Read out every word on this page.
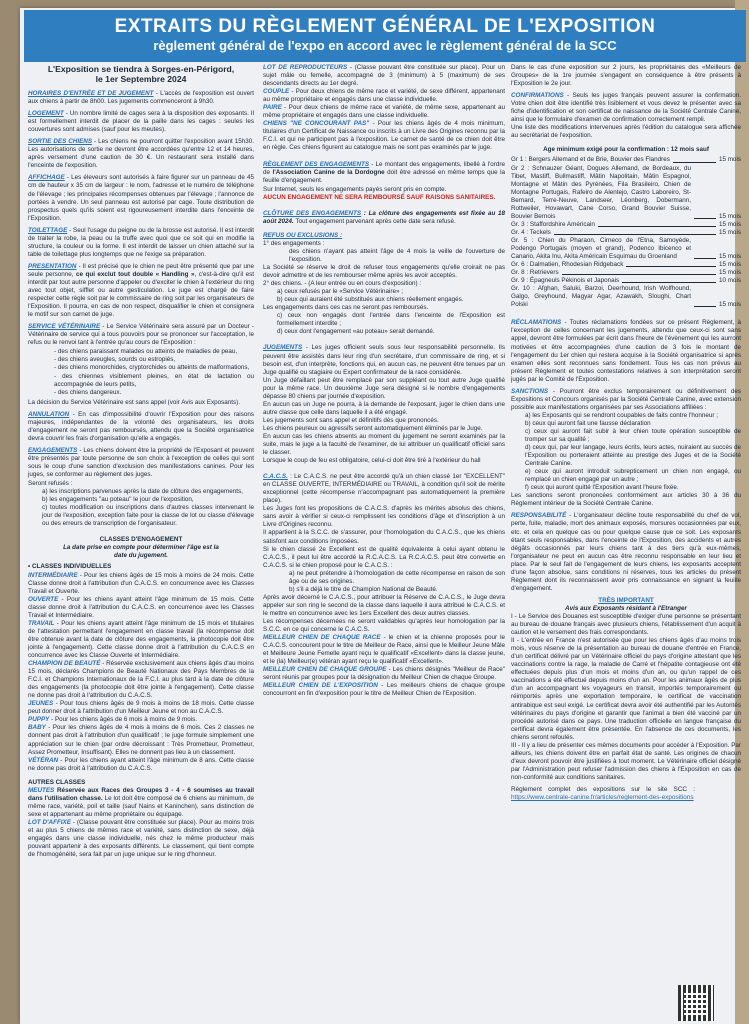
EXTRAITS DU RÈGLEMENT GÉNÉRAL DE L'EXPOSITION
règlement général de l'expo en accord avec le règlement général de la SCC
L'Exposition se tiendra à Sorges-en-Périgord,
le 1er Septembre 2024

HORAIRES D'ENTRÉE ET DE JUGEMENT - L'accès de l'exposition est ouvert aux chiens à partir de 8h00. Les jugements commenceront à 9h30.

LOGEMENT - Un nombre limité de cages sera à la disposition des exposants. Il est formellement interdit de placer de la paille dans les cages : seules les couvertures sont admises (sauf pour les meutes).

SORTIE DES CHIENS - Les chiens ne pourront quitter l'exposition avant 15h30. Les autorisations de sortie ne devront être accordées qu'entre 12 et 14 heures, après versement d'une caution de 30 €. Un restaurant sera installé dans l'enceinte de l'exposition.

AFFICHAGE - Les éleveurs sont autorisés à faire figurer sur un panneau de 45 cm de hauteur x 35 cm de largeur : le nom, l'adresse et le numéro de téléphone de l'élevage ; les principales récompenses obtenues par l'élevage ; l'annonce de portées à vendre. Un seul panneau est autorisé par cage. Toute distribution de prospectus quels qu'ils soient est rigoureusement interdite dans l'enceinte de l'Exposition.

TOILETTAGE - Seul l'usage du peigne ou de la brosse est autorisé. Il est interdit de traiter la robe, la peau ou la truffe avec quoi que ce soit qui en modifie la structure, la couleur ou la forme. Il est interdit de laisser un chien attaché sur la table de toilettage plus longtemps que ne l'exige sa préparation.

PRESENTATION - Il est précisé que le chien ne peut être présenté que par une seule personne, ce qui exclut tout double « Handling », c'est-à-dire qu'il est interdit par tout autre personne d'appeler ou d'exciter le chien à l'extérieur du ring avec tout objet, sifflet ou autre gesticulation. Le juge est chargé de faire respecter cette règle soit par le commissaire de ring soit par les organisateurs de l'Exposition. Il pourra, en cas de non respect, disqualifier le chien et consignera le motif sur son carnet de juge.

SERVICE VÉTÉRINAIRE - Le Service Vétérinaire sera assuré par un Docteur - Vétérinaire de service qui a tous pouvoirs pour se prononcer sur l'acceptation, le refus ou le renvoi tant à l'entrée qu'au cours de l'Exposition :

- des chiens paraissant malades ou atteints de maladies de peau,
- des chiens aveugles, sourds ou estropiés,
- des chiens monorchides, cryptorchides ou atteints de malformations,
- des chiennes visiblement pleines, en état de lactation ou accompagnée de leurs petits,
- des chiens dangereux.

La décision du Service Vétérinaire est sans appel (voir Avis aux Exposants).

ANNULATION - En cas d'impossibilité d'ouvrir l'Exposition pour des raisons majeures, indépendantes de la volonté des organisateurs, les droits d'engagement ne seront pas remboursés, attendu que la Société organisatrice devra couvrir les frais d'organisation qu'elle a engagés.

ENGAGEMENTS - Les chiens doivent être la propriété de l'Exposant et peuvent être présentés par toute personne de son choix à l'exception de celles qui sont sous le coup d'une sanction d'exclusion des manifestations canines. Pour les juges, se conformer au règlement des juges.

Seront refusés :
a) les inscriptions parvenues après la date de clôture des engagements,
b) les engagements "au poteau" le jour de l'exposition,

c) toutes modification ou inscriptions dans d'autres classes intervenant le jour de l'exposition, exception faite pour la classe de lot ou classe d'élevage ou des erreurs de transcription de l'organisateur.

CLASSES D'ENGAGEMENT
La date prise en compte pour déterminer l'âge est la date du jugement.
• CLASSES INDIVIDUELLES
INTERMÉDIAIRE - Pour les chiens âgés de 15 mois à moins de 24 mois. Cette Classe donne droit à l'attribution d'un C.A.C.S. en concurrence avec les Classes Travail et Ouverte.
OUVERTE - Pour les chiens ayant atteint l'âge minimum de 15 mois. Cette classe donne droit à l'attribution du C.A.C.S. en concurrence avec les Classes Travail et Intermédiaire.
TRAVAIL - Pour les chiens ayant atteint l'âge minimum de 15 mois et titulaires de l'attestation permettant l'engagement en classe travail (la récompense doit être obtenue avant la date de clôture des engagements, la photocopie doit être jointe à l'engagement). Cette classe donne droit à l'attribution du C.A.C.S en concurrence avec les Classe Ouverte et Intermédiaire.
CHAMPION DE BEAUTÉ - Réservée exclusivement aux chiens âgés d'au moins 15 mois, déclarés Champions de Beauté Nationaux des Pays Membres de la F.C.I. et Champions Internationaux de la F.C.I. au plus tard à la date de clôture des engagements (la photocopie doit être jointe à l'engagement). Cette classe ne donne pas droit à l'attribution du C.A.C.S.
JEUNES - Pour tous chiens âgés de 9 mois à moins de 18 mois. Cette classe peut donner droit à l'attribution d'un Meilleur Jeune et non au C.A.C.S.
PUPPY - Pour les chiens âgés de 6 mois à moins de 9 mois.
BABY - Pour les chiens âgés de 4 mois à moins de 6 mois. Ces 2 classes ne donnent pas droit à l'attribution d'un qualificatif ; le juge formule simplement une appréciation sur le chien (par ordre décroissant : Très Prometteur, Prometteur, Assez Prometteur, Insuffisant). Elles ne donnent pas lieu à un classement.

VÉTÉRAN - Pour les chiens ayant atteint l'âge minimum de 8 ans. Cette classe ne donne pas droit à l'attribution du C.A.C.S.

AUTRES CLASSES
MEUTES Réservée aux Races des Groupes 3 - 4 - 6 soumises au travail dans l'utilisation chasse. Le lot doit être composé de 6 chiens au minimum, de même race, variété, poil et taille (sauf Nains et Kaninchen), sans distinction de sexe et appartenant au même propriétaire ou équipage.
LOT D'AFFIXE - (Classe pouvant être constituée sur place). Pour au moins trois et au plus 5 chiens de mêmes race et variété, sans distinction de sexe, déjà engagés dans une classe individuelle, nés chez le même producteur mais pouvant appartenir à des exposants différents. Le classement, qui tient compte de l'homogénéité, sera fait par un juge unique sur le ring d'honneur.
LOT DE REPRODUCTEURS - (Classe pouvant être constituée sur place). Pour un sujet mâle ou femelle, accompagné de 3 (minimum) à 5 (maximum) de ses descendants directs au 1er degré.
COUPLE - Pour deux chiens de même race et variété, de sexe différent, appartenant au même propriétaire et engagés dans une classe individuelle.
PAIRE - Pour deux chiens de même race et variété, de même sexe, appartenant au même propriétaire et engagés dans une classe individuelle.

CHIENS "NE CONCOURANT PAS" - Pour les chiens âgés de 4 mois minimum, titulaires d'un Certificat de Naissance ou inscrits à un Livre des Origines reconnu par la F.C.I. et qui ne participent pas à l'exposition. Le carnet de santé de ce chien doit être en règle. Ces chiens figurent au catalogue mais ne sont pas examinés par le juge.

RÈGLEMENT DES ENGAGEMENTS - Le montant des engagements, libellé à l'ordre de l'Association Canine de la Dordogne doit être adressé en même temps que la feuille d'engagement.

Sur Internet, seuls les engagements payés seront pris en compte.

AUCUN ENGAGEMENT NE SERA REMBOURSÉ SAUF RAISONS SANITAIRES.

CLÔTURE DES ENGAGEMENTS : La clôture des engagements est fixée au 18 août 2024. Tout engagement parvenant après cette date sera refusé.

REFUS OU EXCLUSIONS :
1° des engagements :
des chiens n'ayant pas atteint l'âge de 4 mois la veille de l'ouverture de l'exposition.
La Société se réserve le droit de refuser tous engagements qu'elle croirait ne pas devoir admettre et de les rembourser même après les avoir acceptés.
2° des chiens. - (A leur entrée ou en cours d'exposition) :
a) ceux refusés par le «Service Vétérinaire» ;
b) ceux qui auraient été substitués aux chiens réellement engagés.
Les engagements dans ces cas ne seront pas remboursés.
c) ceux non engagés dont l'entrée dans l'enceinte de l'Exposition est formellement interdite ;

d) ceux dont l'engagement «au poteau» serait demandé.

JUGEMENTS - Les juges officient seuls sous leur responsabilité personnelle. Ils peuvent être assistés dans leur ring d'un secrétaire, d'un commissaire de ring, et si besoin est, d'un interprète, fonctions qui, en aucun cas, ne peuvent être tenues par un Juge qualifié ou stagiaire ou Expert confirmateur de la race considérée.
Un Juge défaillant peut être remplacé par son suppléant ou tout autre Juge qualifié pour la même race. Un deuxième Juge sera désigné si le nombre d'engagements dépasse 80 chiens par journée d'exposition.
En aucun cas un Juge ne pourra, à la demande de l'exposant, juger le chien dans une autre classe que celle dans laquelle il a été engagé.
Les jugements sont sans appel et définitifs dès que prononcés.
Les chiens peureux ou agressifs seront automatiquement éliminés par le Juge.
En aucun cas les chiens absents au moment du jugement ne seront examinés par la suite, mais le juge a la faculté de l'examiner, de lui attribuer un qualificatif officiel sans le classer.

Lorsque le coup de feu est obligatoire, celui-ci doit être tiré à l'extérieur du hall

C.A.C.S. : Le C.A.C.S. ne peut être accordé qu'à un chien classé 1er "EXCELLENT" en CLASSE OUVERTE, INTERMÉDIAIRE ou TRAVAIL, à condition qu'il soit de mérite exceptionnel (cette récompense n'accompagnant pas automatiquement la première place).
Les Juges font les propositions de C.A.C.S. d'après les mérites absolus des chiens, sans avoir à vérifier si ceux-ci remplissent les conditions d'âge et d'inscription à un Livre d'Origines reconnu.
Il appartient à la S.C.C. de s'assurer, pour l'homologation du C.A.C.S., que les chiens satisfont aux conditions imposées.
Si le chien classé 2e Excellent est de qualité équivalente à celui ayant obtenu le C.A.C.S., il peut lui être accordé la R.C.A.C.S. La R.C.A.C.S. peut être convertie en C.A.C.S. si le chien proposé pour le C.A.C.S. :
a) ne peut prétendre à l'homologation de cette récompense en raison de son âge ou de ses origines.
b) s'il a déjà le titre de Champion National de Beauté.
Après avoir décerné le C.A.C.S., pour attribuer la Réserve de C.A.C.S., le Juge devra appeler sur son ring le second de la classe dans laquelle il aura attribué le C.A.C.S. et le mettre en concurrence avec les 1ers Excellent des deux autres classes.
Les récompenses décernées ne seront validables qu'après leur homologation par la S.C.C. en ce qui concerne le C.A.C.S.
MEILLEUR CHIEN DE CHAQUE RACE - le chien et la chienne proposés pour le C.A.C.S. concourent pour le titre de Meilleur de Race, ainsi que le Meilleur Jeune Mâle et Meilleure Jeune Femelle ayant reçu le qualificatif «Excellent» dans la classe jeune, et le (la) Meilleur(e) vétéran ayant reçu le qualificatif «Excellent».
MEILLEUR CHIEN DE CHAQUE GROUPE - Les chiens désignés "Meilleur de Race" seront réunis par groupes pour la désignation du Meilleur Chien de chaque Groupe.
MEILLEUR CHIEN DE L'EXPOSITION - Les meilleurs chiens de chaque groupe concourront en fin d'exposition pour le titre de Meilleur Chien de l'Exposition.

Dans le cas d'une exposition sur 2 jours, les propriétaires des «Meilleurs de Groupes» de la 1re journée s'engagent en conséquence à être présents à l'Exposition le 2e jour.

CONFIRMATIONS - Seuls les juges français peuvent assurer la confirmation. Votre chien doit être identifié très lisiblement et vous devez le présenter avec sa fiche d'identification et son certificat de naissance de la Société Centrale Canine, ainsi que le formulaire d'examen de confirmation correctement rempli.

Une liste des modifications intervenues après l'édition du catalogue sera affichée au secrétariat de l'exposition.

Age minimum exigé pour la confirmation : 12 mois sauf
Gr 1 : Bergers Allemand et de Brie, Bouvier des Flandres	15 mois
Gr 2 : Schnauzer Géant, Dogues Allemand, de Bordeaux, du Tibet, Mastiff, Bullmastiff, Mâtin Napolitain, Mâtin Espagnol, Montagne et Mâtin des Pyrénées, Fila Brasileiro, Chien de Montagne Portugais, Rafeiro de Alentejo, Castro Laboreiro, St-Bernard, Terre-Neuve, Landseer, Léonberg, Dobermann, Rottweiler, Hovawart, Cane Corso, Grand Bouvier Suisse, Bouvier Bernois	15 mois
Gr. 3 : Staffordshire Américain	15 mois
Gr. 4 : Teckels	15 mois
Gr. 5 : Chien du Pharaon, Cirneco de l'Etna, Samoyède, Podengo Portugais (moyen et grand), Podenco Ibicenco et Canario, Akita Inu, Akita Américain Esquimau du Groenland	15 mois
Gr. 6 : Dalmatien, Rhodesian Ridgeback	15 mois
Gr. 8 : Retrievers	15 mois
Gr. 9 : Épagneuls Pékinois et Japonais	10 mois
Gr. 10 : Afghan, Saluki, Barzoi, Deerhound, Irish Wolfhound, Galgo, Greyhound, Magyar Agar, Azawakh, Sloughi, Chart Polski	15 mois

RÉCLAMATIONS - Toutes réclamations fondées sur ce présent Règlement, à l'exception de celles concernant les jugements, attendu que ceux-ci sont sans appel, devront être formulées par écrit dans l'heure de l'évènement qui les aurront motivées et être accompagnées d'une caution de 3 fois le montant de l'engagement du 1er chien qui restera acquise à la Société organisatrice si après examen elles sont reconnues sans fondement. Tous les cas non prévus au présent Règlement et toutes contestations relatives à son interprétation seront jugés par le Comité de l'Exposition.

SANCTIONS - Pourront être exclus temporairement ou définitivement des Expositions et Concours organisés par la Société Centrale Canine, avec extension possible aux manifestations organisées par ses Associations affiliées :
a) les Exposants qui se rendront coupables de faits contre l'honneur ;
b) ceux qui auront fait une fausse déclaration
c) ceux qui auront fait subir à leur chien toute opération susceptible de tromper sur sa qualité ;
d) ceux qui, par leur langage, leurs écrits, leurs actes, nuiraient au succès de l'Exposition ou porteraient atteinte au prestige des Juges et de la Société Centrale Canine.
e) ceux qui auront introduit subrepticement un chien non engagé, ou remplacé un chien engagé par un autre ;
f) ceux qui auront quitté l'Exposition avant l'heure fixée.

Les sanctions seront prononcées conformément aux articles 30 à 36 du Règlement intérieur de la Société Centrale Canine.

RESPONSABILITÉ - L'organisateur décline toute responsabilité du chef de vol, perte, fuite, maladie, mort des animaux exposés, morsures occasionnées par eux, etc. et cela en quelque cas ou pour quelque cause que ce soit. Les exposants étant seuls responsables, dans l'enceinte de l'Exposition, des accidents et autres dégâts occasionnés par leurs chiens tant à des tiers qu'à eux-mêmes, l'organisateur ne peut en aucun cas être reconnu responsable en leur lieu et place. Par le seul fait de l'engagement de leurs chiens, les exposants acceptent d'une façon absolue, sans conditions ni réserves, tous les articles du présent Règlement dont ils reconnaissent avoir pris connaissance en signant la feuille d'engagement.

TRÈS IMPORTANT
Avis aux Exposants résidant à l'Etranger
I - Le Service des Douanes est susceptible d'exiger d'une personne se présentant au bureau de douane français avec plusieurs chiens, l'établissement d'un acquit à caution et le versement des frais correspondants.
II - L'entrée en France n'est autorisée que pour les chiens âgés d'au moins trois mois, vous réserve de la présentation au bureau de douane d'entrée en France, d'un certificat délivré par un Vétérinaire officiel du pays d'origine attestant que les vaccinations contre la rage, la maladie de Carré et l'hépatite contagieuse ont été effectuées depuis plus d'un mois et moins d'un an, ou qu'un rappel de ces vaccinations a été effectué depuis moins d'un an. Pour les animaux âgés de plus d'un an accompagnant les voyageurs en transit, importés temporairement ou réimportés après une exportation temporaire, le certificat de vaccination antirabique est seul exigé. Le certificat devra avoir été authentifié par les Autorités vétérinaires du pays d'origine et garantir que l'animal a bien été vacciné par un procédé autorisé dans ce pays. Une traduction officielle en langue française du certificat devra également être présentée. En l'absence de ces documents, les chiens seront refoulés.

III - Il y a lieu de présenter ces mêmes documents pour accéder à l'Exposition. Par ailleurs, les chiens doivent être en parfait état de santé. Les origines de chacun d'eux devront pouvoir être justifiées à tout moment. Le Vétérinaire officiel désigné par l'Administration peut refuser l'admission des chiens à l'Exposition en cas de non-conformité aux conditions sanitaires.

Règlement complet des expositions sur le site SCC : https://www.centrale-canine.fr/articles/reglement-des-expositions
